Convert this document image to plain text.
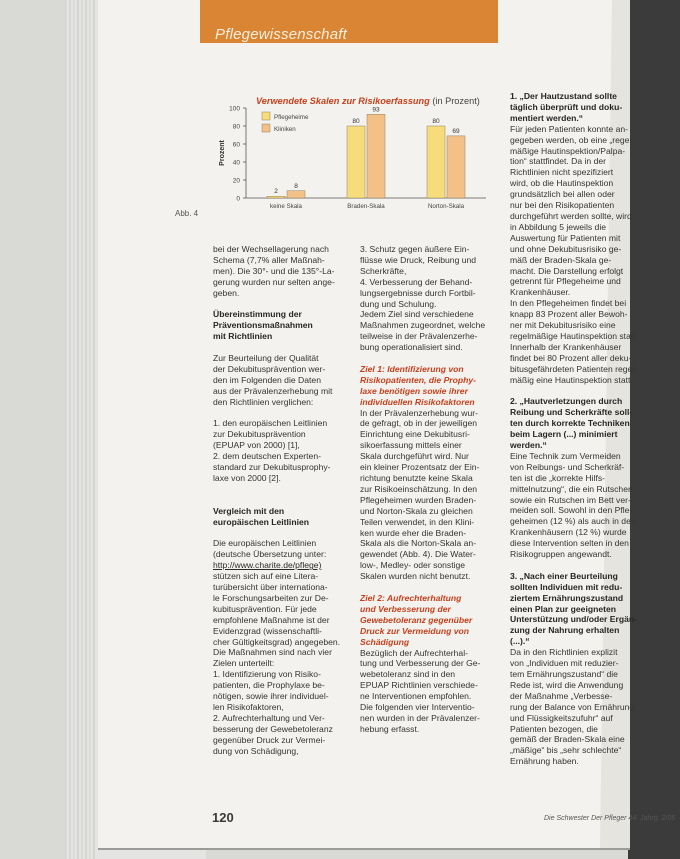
Pflegewissenschaft
Abb. 4
Verwendete Skalen zur Risikoerfassung (in Prozent)
0
20
40
60
80
100
Prozent
keine Skala
2
8
Braden-Skala
80
93
Norton-Skala
80
69
Pflegeheime
Kliniken
bei der Wechsellagerung nach
Schema (7,7% aller Maßnah-
men). Die 30°- und die 135°-La-
gerung wurden nur selten ange-
geben.
Übereinstimmung der
Präventionsmaßnahmen
mit Richtlinien
Zur Beurteilung der Qualität
der Dekubitusprävention wer-
den im Folgenden die Daten
aus der Prävalenzerhebung mit
den Richtlinien verglichen:
1. den europäischen Leitlinien
zur Dekubitusprävention
(EPUAP von 2000) [1],
2. dem deutschen Experten-
standard zur Dekubitusprophy-
laxe von 2000 [2].
Vergleich mit den
europäischen Leitlinien
Die europäischen Leitlinien
(deutsche Übersetzung unter:
http://www.charite.de/pflege)
stützen sich auf eine Litera-
turübersicht über internationa-
le Forschungsarbeiten zur De-
kubitusprävention. Für jede
empfohlene Maßnahme ist der
Evidenzgrad (wissenschaftli-
cher Gültigkeitsgrad) angegeben.
Die Maßnahmen sind nach vier
Zielen unterteilt:
1. Identifizierung von Risiko-
patienten, die Prophylaxe be-
nötigen, sowie ihrer individuel-
len Risikofaktoren,
2. Aufrechterhaltung und Ver-
besserung der Gewebetoleranz
gegenüber Druck zur Vermei-
dung von Schädigung,
3. Schutz gegen äußere Ein-
flüsse wie Druck, Reibung und
Scherkräfte,
4. Verbesserung der Behand-
lungsergebnisse durch Fortbil-
dung und Schulung.
Jedem Ziel sind verschiedene
Maßnahmen zugeordnet, welche
teilweise in der Prävalenzerhe-
bung operationalisiert sind.
Ziel 1: Identifizierung von
Risikopatienten, die Prophy-
laxe benötigen sowie ihrer
individuellen Risikofaktoren
In der Prävalenzerhebung wur-
de gefragt, ob in der jeweiligen
Einrichtung eine Dekubitusri-
sikoerfassung mittels einer
Skala durchgeführt wird. Nur
ein kleiner Prozentsatz der Ein-
richtung benutzte keine Skala
zur Risikoeinschätzung. In den
Pflegeheimen wurden Braden-
und Norton-Skala zu gleichen
Teilen verwendet, in den Klini-
ken wurde eher die Braden-
Skala als die Norton-Skala an-
gewendet (Abb. 4). Die Water-
low-, Medley- oder sonstige
Skalen wurden nicht benutzt.
Ziel 2: Aufrechterhaltung
und Verbesserung der
Gewebetoleranz gegenüber
Druck zur Vermeidung von
Schädigung
Bezüglich der Aufrechterhal-
tung und Verbesserung der Ge-
webetoleranz sind in den
EPUAP Richtlinien verschiede-
ne Interventionen empfohlen.
Die folgenden vier Interventio-
nen wurden in der Prävalenzer-
hebung erfasst.
1. „Der Hautzustand sollte
täglich überprüft und doku-
mentiert werden.“
Für jeden Patienten konnte an-
gegeben werden, ob eine „regel-
mäßige Hautinspektion/Palpa-
tion“ stattfindet. Da in der
Richtlinien nicht spezifiziert
wird, ob die Hautinspektion
grundsätzlich bei allen oder
nur bei den Risikopatienten
durchgeführt werden sollte, wird
in Abbildung 5 jeweils die
Auswertung für Patienten mit
und ohne Dekubitusrisiko ge-
mäß der Braden-Skala ge-
macht. Die Darstellung erfolgt
getrennt für Pflegeheime und
Krankenhäuser.
In den Pflegeheimen findet bei
knapp 83 Prozent aller Bewoh-
ner mit Dekubitusrisiko eine
regelmäßige Hautinspektion statt.
Innerhalb der Krankenhäuser
findet bei 80 Prozent aller deku-
bitusgefährdeten Patienten regel-
mäßig eine Hautinspektion statt.
2. „Hautverletzungen durch
Reibung und Scherkräfte soll-
ten durch korrekte Techniken
beim Lagern (...) minimiert
werden.“
Eine Technik zum Vermeiden
von Reibungs- und Scherkräf-
ten ist die „korrekte Hilfs-
mittelnutzung“, die ein Rutschen
sowie ein Rutschen im Bett ver-
meiden soll. Sowohl in den Pfle-
geheimen (12 %) als auch in den
Krankenhäusern (12 %) wurde
diese Intervention selten in den
Risikogruppen angewandt.
3. „Nach einer Beurteilung
sollten Individuen mit redu-
ziertem Ernährungszustand
einen Plan zur geeigneten
Unterstützung und/oder Ergän-
zung der Nahrung erhalten
(...).“
Da in den Richtlinien explizit
von „Individuen mit reduzier-
tem Ernährungszustand“ die
Rede ist, wird die Anwendung
der Maßnahme „Verbesse-
rung der Balance von Ernährung
und Flüssigkeitszufuhr“ auf
Patienten bezogen, die
gemäß der Braden-Skala eine
„mäßige“ bis „sehr schlechte“
Ernährung haben.
120	Die Schwester Der Pfleger 44. Jahrg. 2/05
